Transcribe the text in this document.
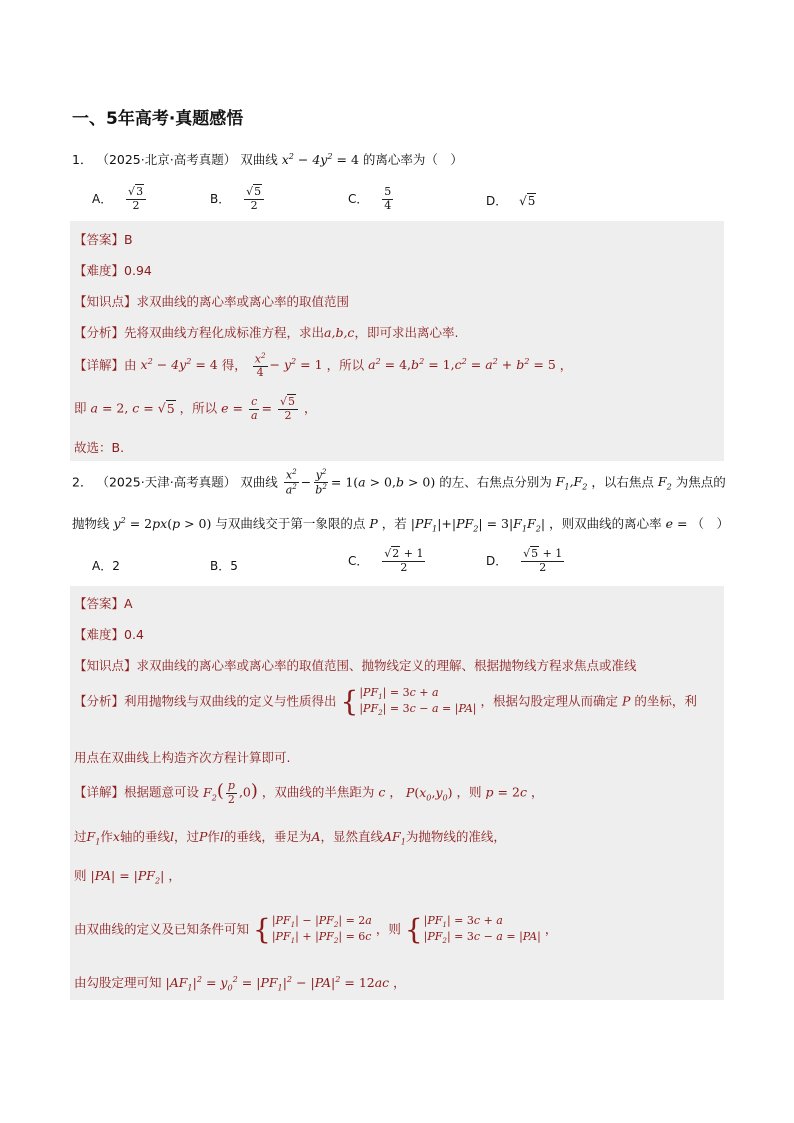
一、5年高考·真题感悟
1． （2025·北京·高考真题） 双曲线 $x^2 - 4y^2 = 4$ 的离心率为（　）
A． $\frac{√3}{2}$	B． $\frac{√5}{2}$	C． $\frac{5}{4}$	D． √5
【答案】B
【难度】0.94
【知识点】求双曲线的离心率或离心率的取值范围
【分析】先将双曲线方程化成标准方程，求出a,b,c，即可求出离心率.
【详解】由 $x^2 - 4y^2 = 4$ 得， $\frac{x^2}{4} - y^2 = 1$ ，所以 $a^2 = 4,b^2 = 1,c^2 = a^2 + b^2 = 5$ ，
即 a = 2, c = √5 ，所以 $e = \frac{c}{a} = \frac{√5}{2}$ ，
故选：B.
2． （2025·天津·高考真题） 双曲线 $\frac{x^2}{a^2} - \frac{y^2}{b^2} = 1(a > 0,b > 0)$ 的左、右焦点分别为 $F_1,F_2$ ，以右焦点 $F_2$ 为焦点的
抛物线 $y^2 = 2px(p > 0)$ 与双曲线交于第一象限的点 P ，若 $|PF_1|+|PF_2| = 3|F_1F_2|$ ，则双曲线的离心率 e = （　）
A．2	B．5	C． $\frac{√2 + 1}{2}$	D． $\frac{√5 + 1}{2}$
【答案】A
【难度】0.4
【知识点】求双曲线的离心率或离心率的取值范围、抛物线定义的理解、根据抛物线方程求焦点或准线
【分析】利用抛物线与双曲线的定义与性质得出 { $|PF_1| = 3c + a$
$|PF_2| = 3c - a = |PA|$ ，根据勾股定理从而确定 P 的坐标，利
用点在双曲线上构造齐次方程计算即可.
【详解】根据题意可设 $F_2( \frac{p}{2} ,0)$ ，双曲线的半焦距为 c ， $P(x_0,y_0)$ ，则 p = 2c ，
过$F_1$作x轴的垂线l，过P作l的垂线，垂足为A，显然直线$AF_1$为抛物线的准线，
则 $|PA| = |PF_2|$ ，
由双曲线的定义及已知条件可知 { $|PF_1| - |PF_2| = 2a$
$|PF_1| + |PF_2| = 6c$ ，则 { $|PF_1| = 3c + a$
$|PF_2| = 3c - a = |PA|$ ，
由勾股定理可知 $|AF_1|^2 = y_0^2 = |PF_1|^2 - |PA|^2 = 12ac$ ，
